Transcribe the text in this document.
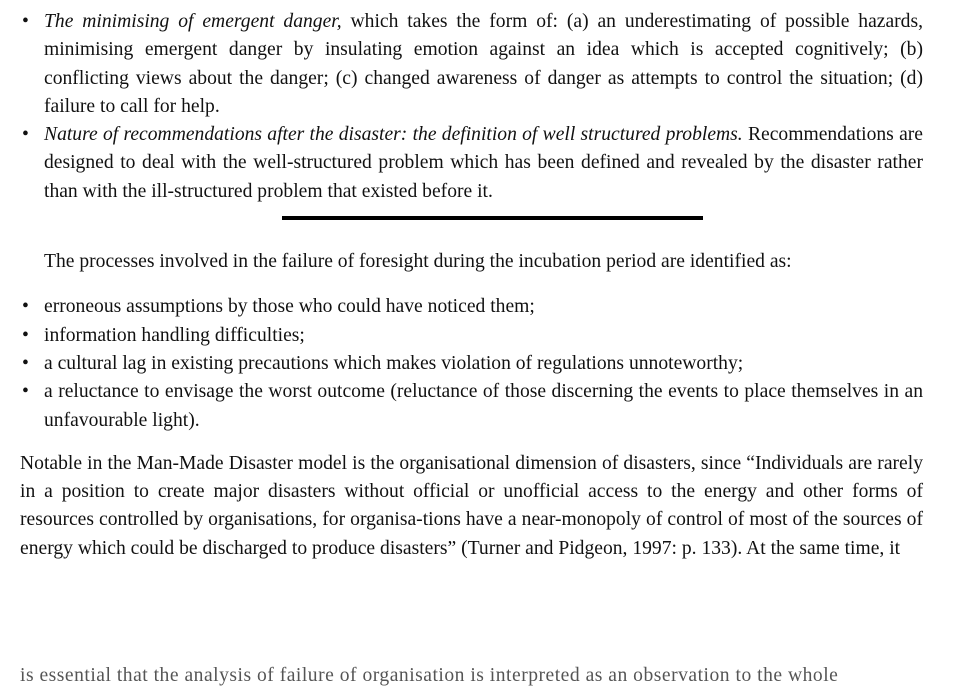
• The minimising of emergent danger, which takes the form of: (a) an underestimating of possible hazards, minimising emergent danger by insulating emotion against an idea which is accepted cognitively; (b) conflicting views about the danger; (c) changed awareness of danger as attempts to control the situation; (d) failure to call for help.
• Nature of recommendations after the disaster: the definition of well structured problems. Recommendations are designed to deal with the well-structured problem which has been defined and revealed by the disaster rather than with the ill-structured problem that existed before it.

The processes involved in the failure of foresight during the incubation period are identified as:

• erroneous assumptions by those who could have noticed them;
• information handling difficulties;
• a cultural lag in existing precautions which makes violation of regulations unnoteworthy;
• a reluctance to envisage the worst outcome (reluctance of those discerning the events to place themselves in an unfavourable light).

Notable in the Man-Made Disaster model is the organisational dimension of disasters, since “Individuals are rarely in a position to create major disasters without official or unofficial access to the energy and other forms of resources controlled by organisations, for organisa-tions have a near-monopoly of control of most of the sources of energy which could be discharged to produce disasters” (Turner and Pidgeon, 1997: p. 133). At the same time, it

is essential that the analysis of failure of organisation is interpreted as an observation to the whole
